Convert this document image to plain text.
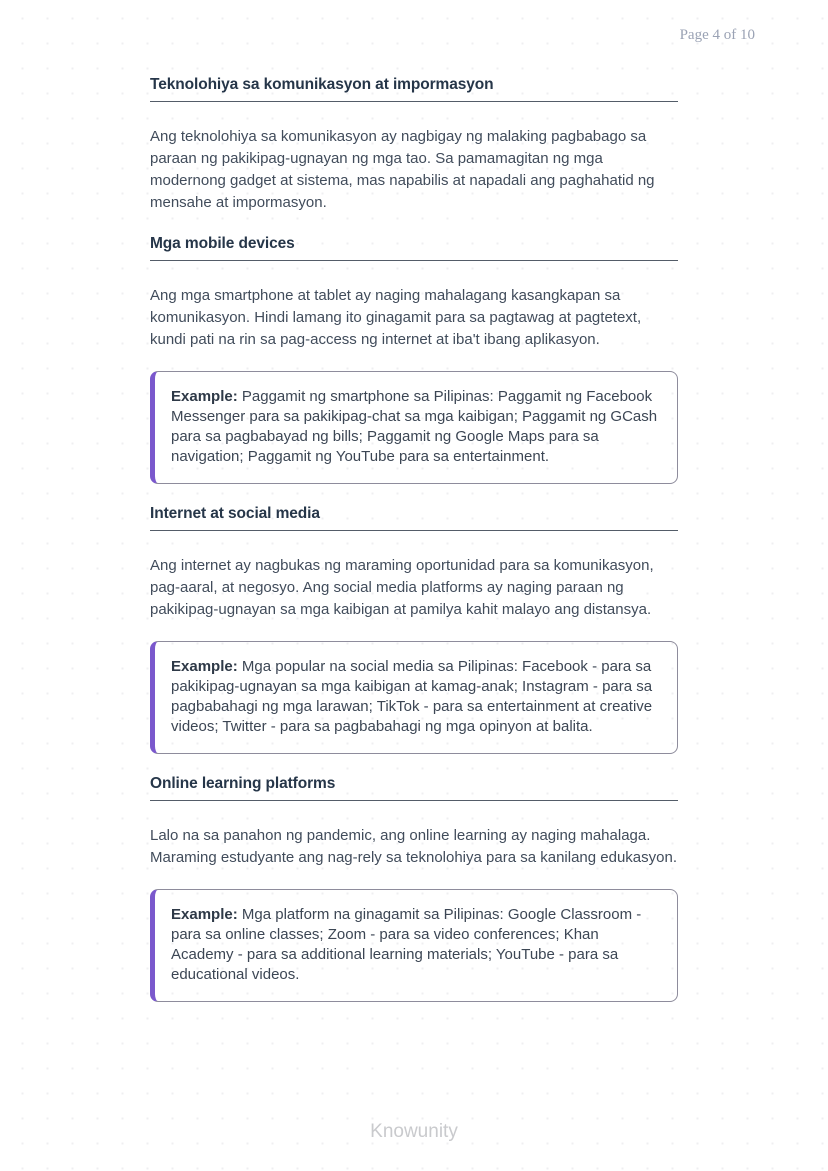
Page 4 of 10
Teknolohiya sa komunikasyon at impormasyon

Ang teknolohiya sa komunikasyon ay nagbigay ng malaking pagbabago sa paraan ng pakikipag-ugnayan ng mga tao. Sa pamamagitan ng mga modernong gadget at sistema, mas napabilis at napadali ang paghahatid ng mensahe at impormasyon.

Mga mobile devices

Ang mga smartphone at tablet ay naging mahalagang kasangkapan sa komunikasyon. Hindi lamang ito ginagamit para sa pagtawag at pagtetext, kundi pati na rin sa pag-access ng internet at iba't ibang aplikasyon.

Example: Paggamit ng smartphone sa Pilipinas: Paggamit ng Facebook Messenger para sa pakikipag-chat sa mga kaibigan; Paggamit ng GCash para sa pagbabayad ng bills; Paggamit ng Google Maps para sa navigation; Paggamit ng YouTube para sa entertainment.
Internet at social media

Ang internet ay nagbukas ng maraming oportunidad para sa komunikasyon, pag-aaral, at negosyo. Ang social media platforms ay naging paraan ng pakikipag-ugnayan sa mga kaibigan at pamilya kahit malayo ang distansya.

Example: Mga popular na social media sa Pilipinas: Facebook - para sa pakikipag-ugnayan sa mga kaibigan at kamag-anak; Instagram - para sa pagbabahagi ng mga larawan; TikTok - para sa entertainment at creative videos; Twitter - para sa pagbabahagi ng mga opinyon at balita.
Online learning platforms

Lalo na sa panahon ng pandemic, ang online learning ay naging mahalaga. Maraming estudyante ang nag-rely sa teknolohiya para sa kanilang edukasyon.

Example: Mga platform na ginagamit sa Pilipinas: Google Classroom - para sa online classes; Zoom - para sa video conferences; Khan Academy - para sa additional learning materials; YouTube - para sa educational videos.
Knowunity
